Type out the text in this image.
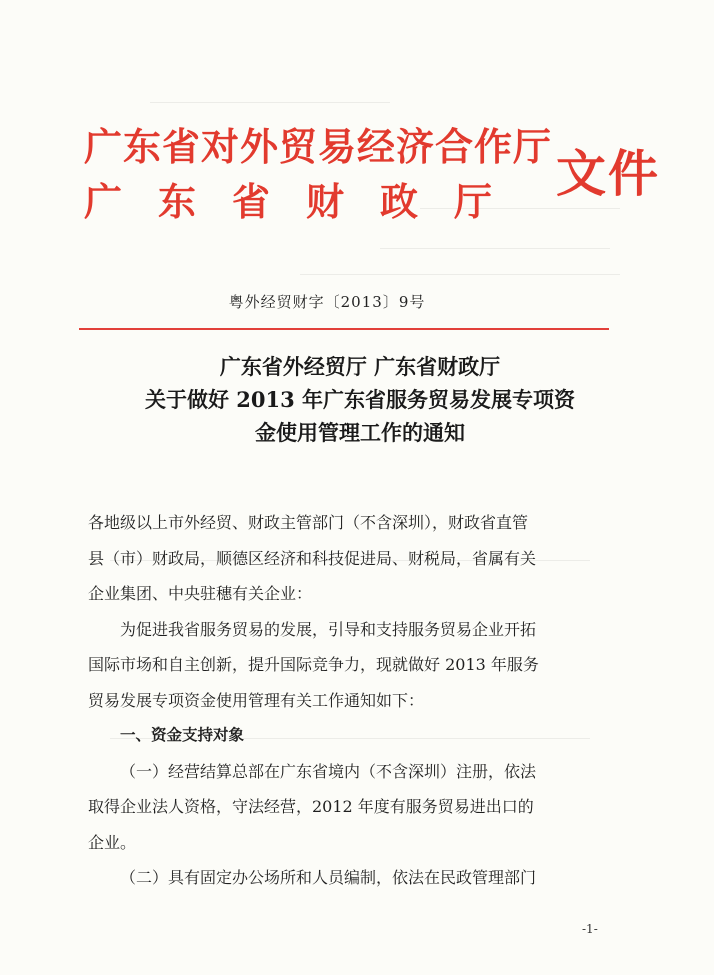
广东省对外贸易经济合作厅
广东省财政厅 文件
粤外经贸财字〔2013〕9号
广东省外经贸厅 广东省财政厅
关于做好 2013 年广东省服务贸易发展专项资
金使用管理工作的通知

各地级以上市外经贸、财政主管部门（不含深圳），财政省直管
县（市）财政局，顺德区经济和科技促进局、财税局，省属有关
企业集团、中央驻穗有关企业：

为促进我省服务贸易的发展，引导和支持服务贸易企业开拓
国际市场和自主创新，提升国际竞争力，现就做好 2013 年服务
贸易发展专项资金使用管理有关工作通知如下：

一、资金支持对象

（一）经营结算总部在广东省境内（不含深圳）注册，依法
取得企业法人资格，守法经营，2012 年度有服务贸易进出口的
企业。

（二）具有固定办公场所和人员编制，依法在民政管理部门

-1-
